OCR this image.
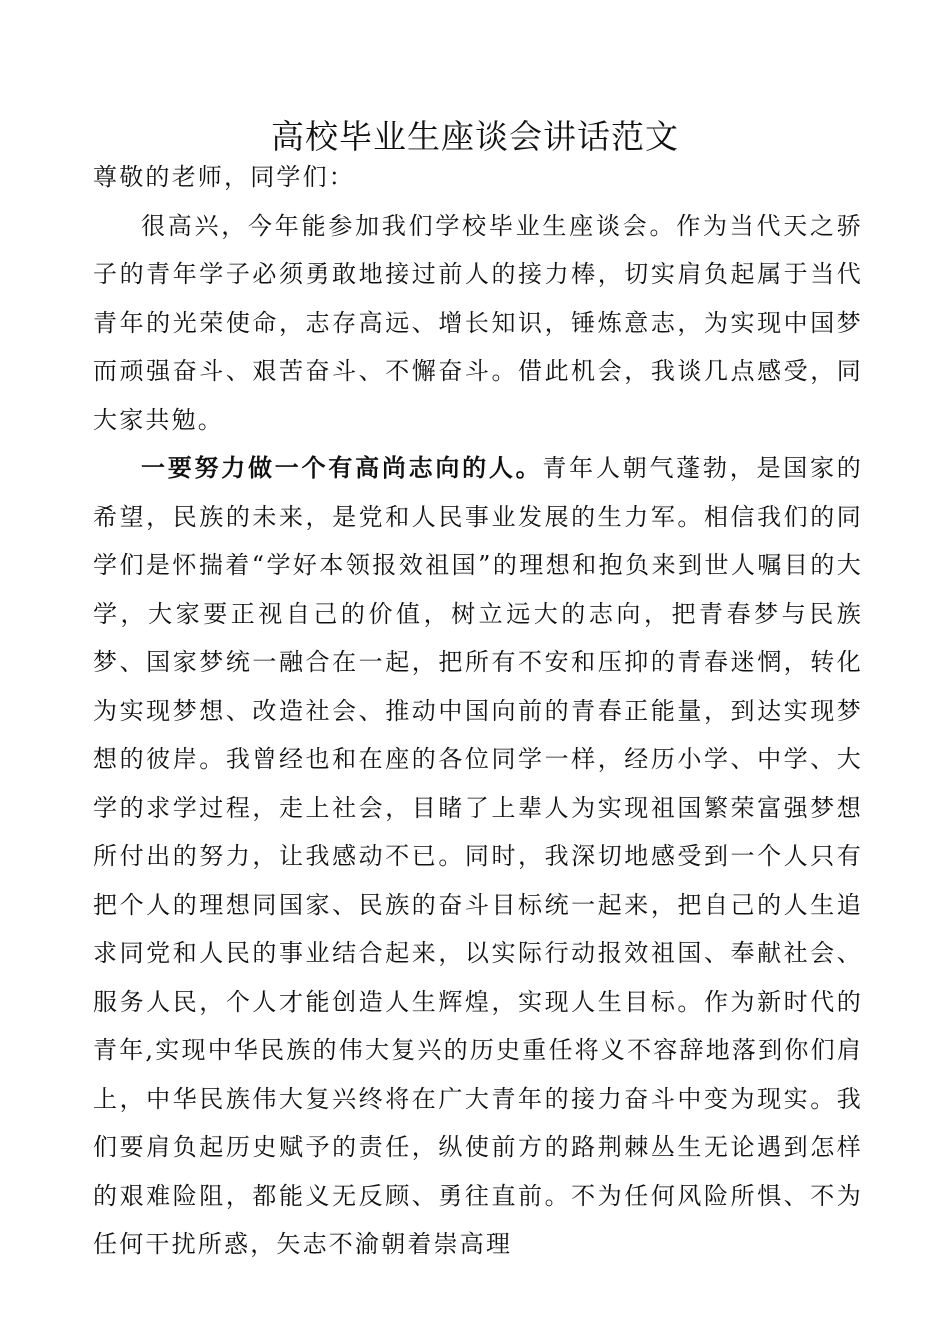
高校毕业生座谈会讲话范文

尊敬的老师，同学们：

很高兴，今年能参加我们学校毕业生座谈会。作为当代天之骄子的青年学子必须勇敢地接过前人的接力棒，切实肩负起属于当代青年的光荣使命，志存高远、增长知识，锤炼意志，为实现中国梦而顽强奋斗、艰苦奋斗、不懈奋斗。借此机会，我谈几点感受，同大家共勉。

一要努力做一个有高尚志向的人。青年人朝气蓬勃，是国家的希望，民族的未来，是党和人民事业发展的生力军。相信我们的同学们是怀揣着“学好本领报效祖国”的理想和抱负来到世人嘱目的大学，大家要正视自己的价值，树立远大的志向，把青春梦与民族梦、国家梦统一融合在一起，把所有不安和压抑的青春迷惘，转化为实现梦想、改造社会、推动中国向前的青春正能量，到达实现梦想的彼岸。我曾经也和在座的各位同学一样，经历小学、中学、大学的求学过程，走上社会，目睹了上辈人为实现祖国繁荣富强梦想所付出的努力，让我感动不已。同时，我深切地感受到一个人只有把个人的理想同国家、民族的奋斗目标统一起来，把自己的人生追求同党和人民的事业结合起来，以实际行动报效祖国、奉献社会、服务人民，个人才能创造人生辉煌，实现人生目标。作为新时代的青年,实现中华民族的伟大复兴的历史重任将义不容辞地落到你们肩上，中华民族伟大复兴终将在广大青年的接力奋斗中变为现实。我们要肩负起历史赋予的责任，纵使前方的路荆棘丛生无论遇到怎样的艰难险阻，都能义无反顾、勇往直前。不为任何风险所惧、不为任何干扰所惑，矢志不渝朝着崇高理
